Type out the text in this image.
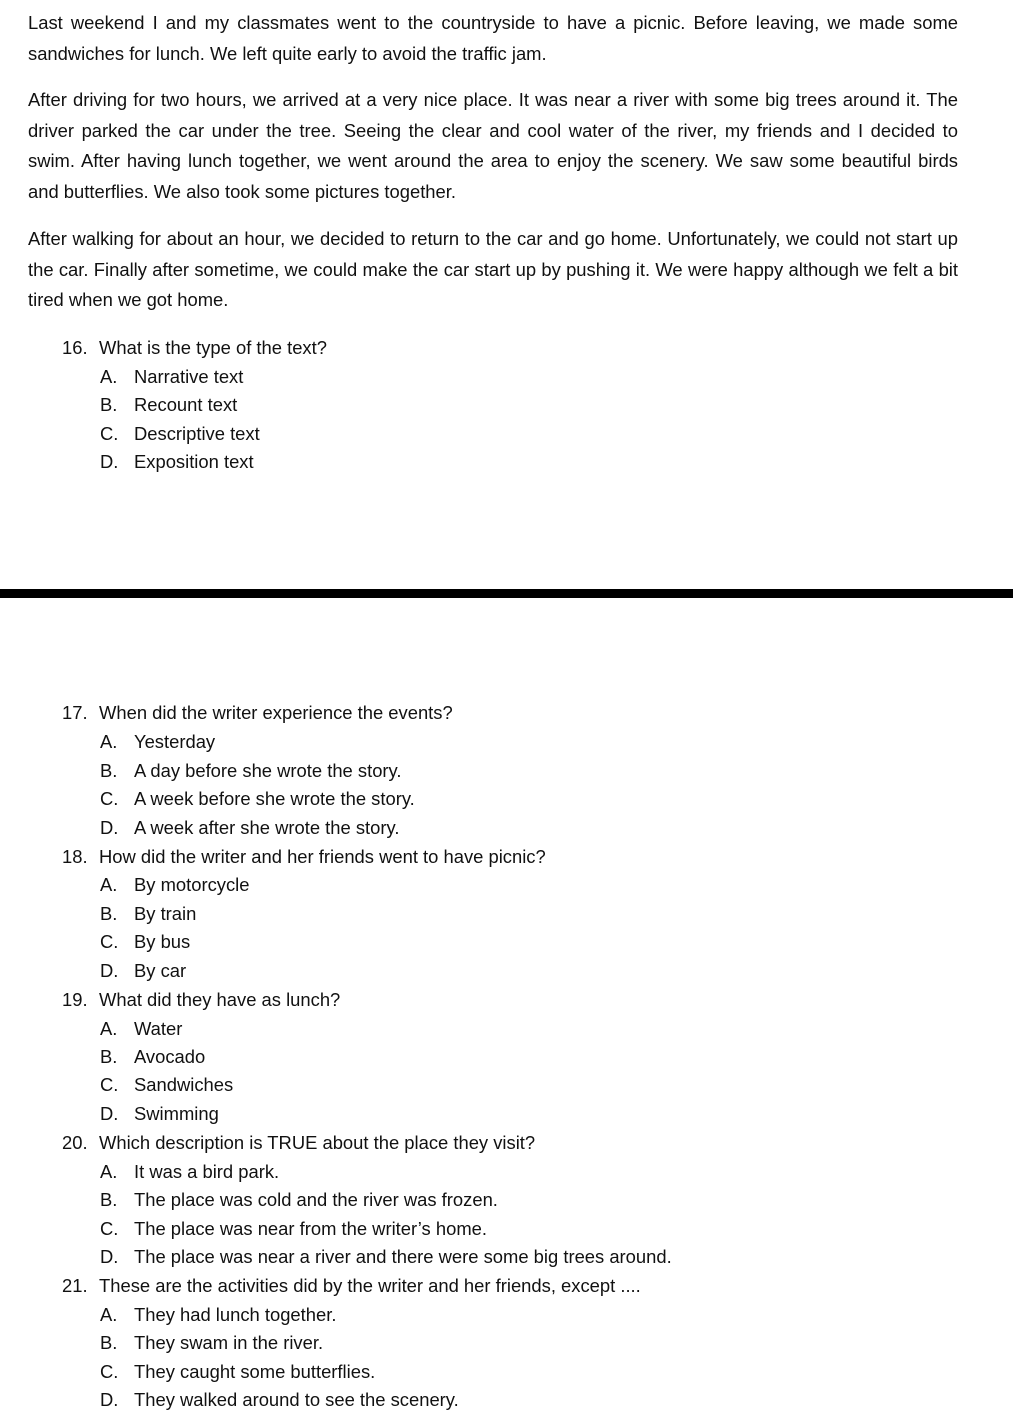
Last weekend I and my classmates went to the countryside to have a picnic. Before leaving, we made some sandwiches for lunch. We left quite early to avoid the traffic jam.

After driving for two hours, we arrived at a very nice place. It was near a river with some big trees around it. The driver parked the car under the tree. Seeing the clear and cool water of the river, my friends and I decided to swim. After having lunch together, we went around the area to enjoy the scenery. We saw some beautiful birds and butterflies. We also took some pictures together.

After walking for about an hour, we decided to return to the car and go home. Unfortunately, we could not start up the car. Finally after sometime, we could make the car start up by pushing it. We were happy although we felt a bit tired when we got home.

16. What is the type of the text?
A. Narrative text
B. Recount text
C. Descriptive text
D. Exposition text
17. When did the writer experience the events?
A. Yesterday
B. A day before she wrote the story.
C. A week before she wrote the story.
D. A week after she wrote the story.
18. How did the writer and her friends went to have picnic?
A. By motorcycle
B. By train
C. By bus
D. By car
19. What did they have as lunch?
A. Water
B. Avocado
C. Sandwiches
D. Swimming
20. Which description is TRUE about the place they visit?
A. It was a bird park.
B. The place was cold and the river was frozen.
C. The place was near from the writer’s home.
D. The place was near a river and there were some big trees around.
21. These are the activities did by the writer and her friends, except ....
A. They had lunch together.
B. They swam in the river.
C. They caught some butterflies.
D. They walked around to see the scenery.
